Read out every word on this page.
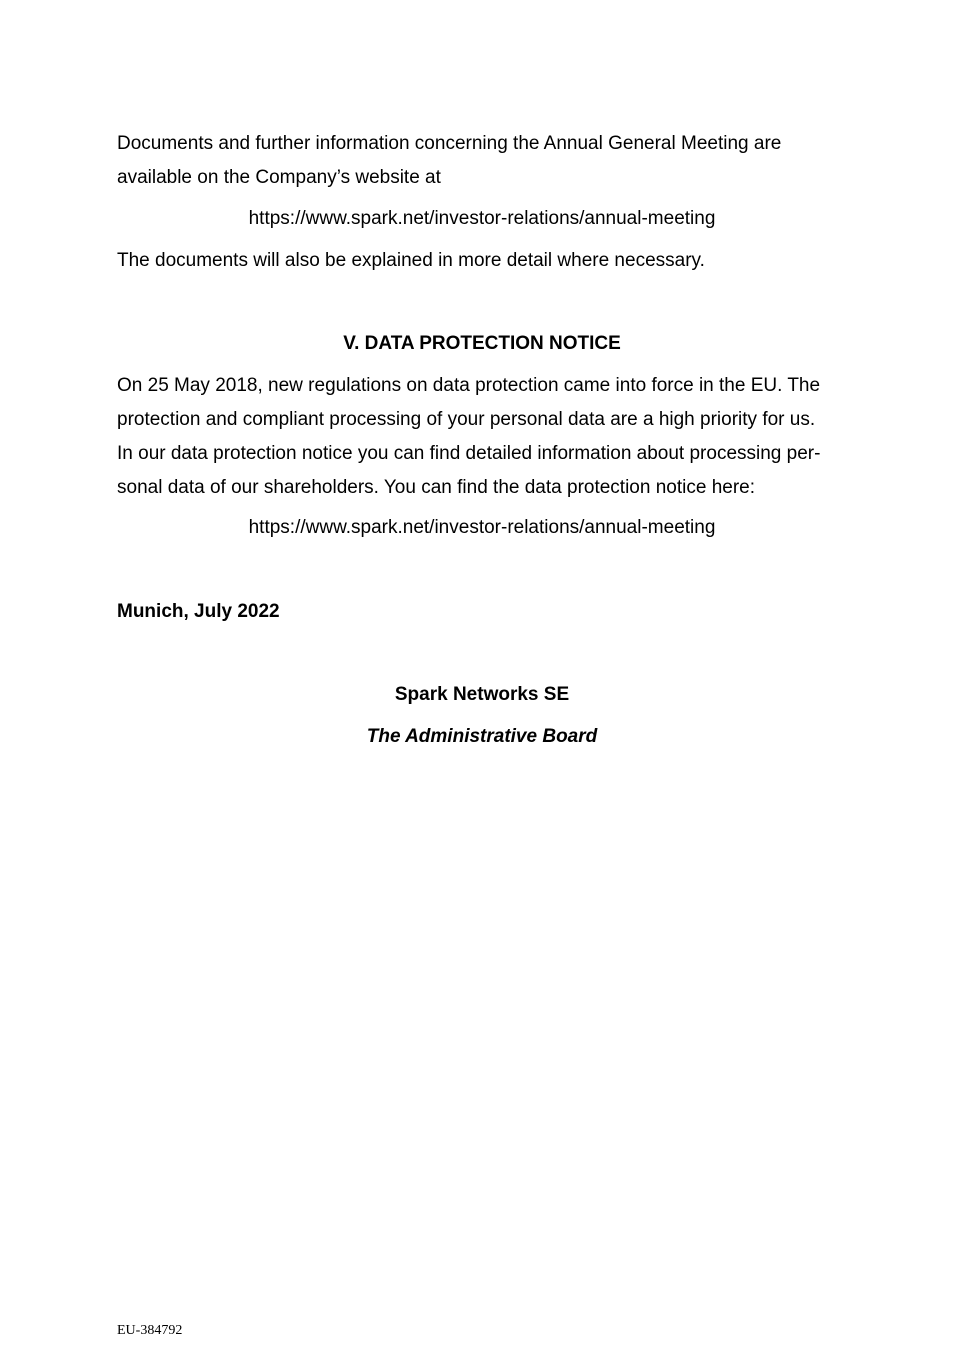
Documents and further information concerning the Annual General Meeting are
available on the Company’s website at
https://www.spark.net/investor-relations/annual-meeting
The documents will also be explained in more detail where necessary.
V. DATA PROTECTION NOTICE
On 25 May 2018, new regulations on data protection came into force in the EU. The
protection and compliant processing of your personal data are a high priority for us.
In our data protection notice you can find detailed information about processing per-
sonal data of our shareholders. You can find the data protection notice here:
https://www.spark.net/investor-relations/annual-meeting
Munich, July 2022
Spark Networks SE
The Administrative Board
EU-384792
